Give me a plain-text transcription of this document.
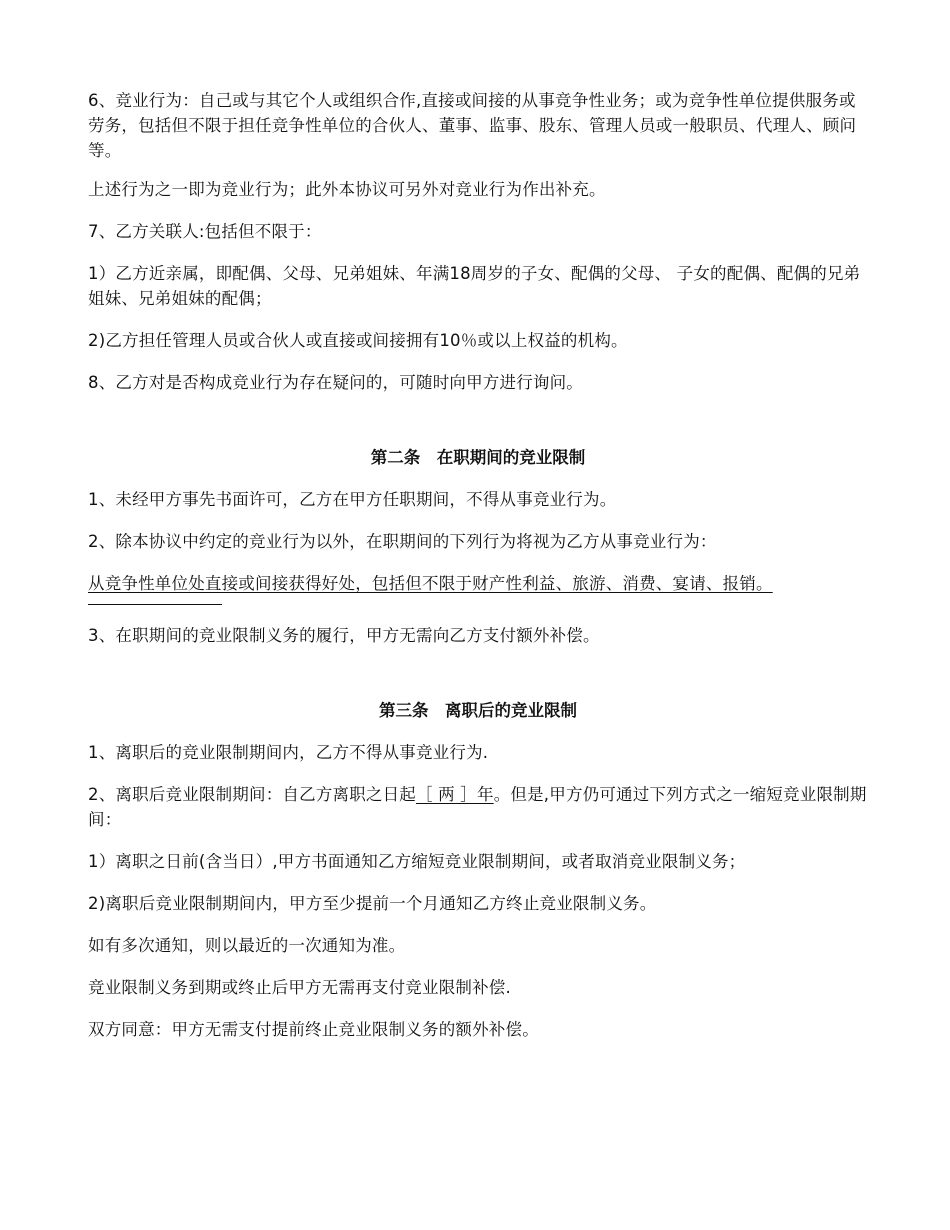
6、竞业行为：自己或与其它个人或组织合作,直接或间接的从事竞争性业务；或为竞争性单位提供服务或劳务，包括但不限于担任竞争性单位的合伙人、董事、监事、股东、管理人员或一般职员、代理人、顾问等。

上述行为之一即为竞业行为；此外本协议可另外对竞业行为作出补充。

7、乙方关联人:包括但不限于：

1）乙方近亲属，即配偶、父母、兄弟姐妹、年满18周岁的子女、配偶的父母、 子女的配偶、配偶的兄弟姐妹、兄弟姐妹的配偶；

2)乙方担任管理人员或合伙人或直接或间接拥有10％或以上权益的机构。

8、乙方对是否构成竞业行为存在疑问的，可随时向甲方进行询问。

第二条　在职期间的竞业限制

1、未经甲方事先书面许可，乙方在甲方任职期间，不得从事竞业行为。

2、除本协议中约定的竞业行为以外，在职期间的下列行为将视为乙方从事竞业行为：

从竞争性单位处直接或间接获得好处，包括但不限于财产性利益、旅游、消费、宴请、报销。

3、在职期间的竞业限制义务的履行，甲方无需向乙方支付额外补偿。

第三条　离职后的竞业限制

1、离职后的竞业限制期间内，乙方不得从事竞业行为.

2、离职后竞业限制期间：自乙方离职之日起［ 两 ］年。但是,甲方仍可通过下列方式之一缩短竞业限制期间：

1）离职之日前(含当日）,甲方书面通知乙方缩短竞业限制期间，或者取消竞业限制义务；

2)离职后竞业限制期间内，甲方至少提前一个月通知乙方终止竞业限制义务。

如有多次通知，则以最近的一次通知为准。

竞业限制义务到期或终止后甲方无需再支付竞业限制补偿.

双方同意：甲方无需支付提前终止竞业限制义务的额外补偿。
